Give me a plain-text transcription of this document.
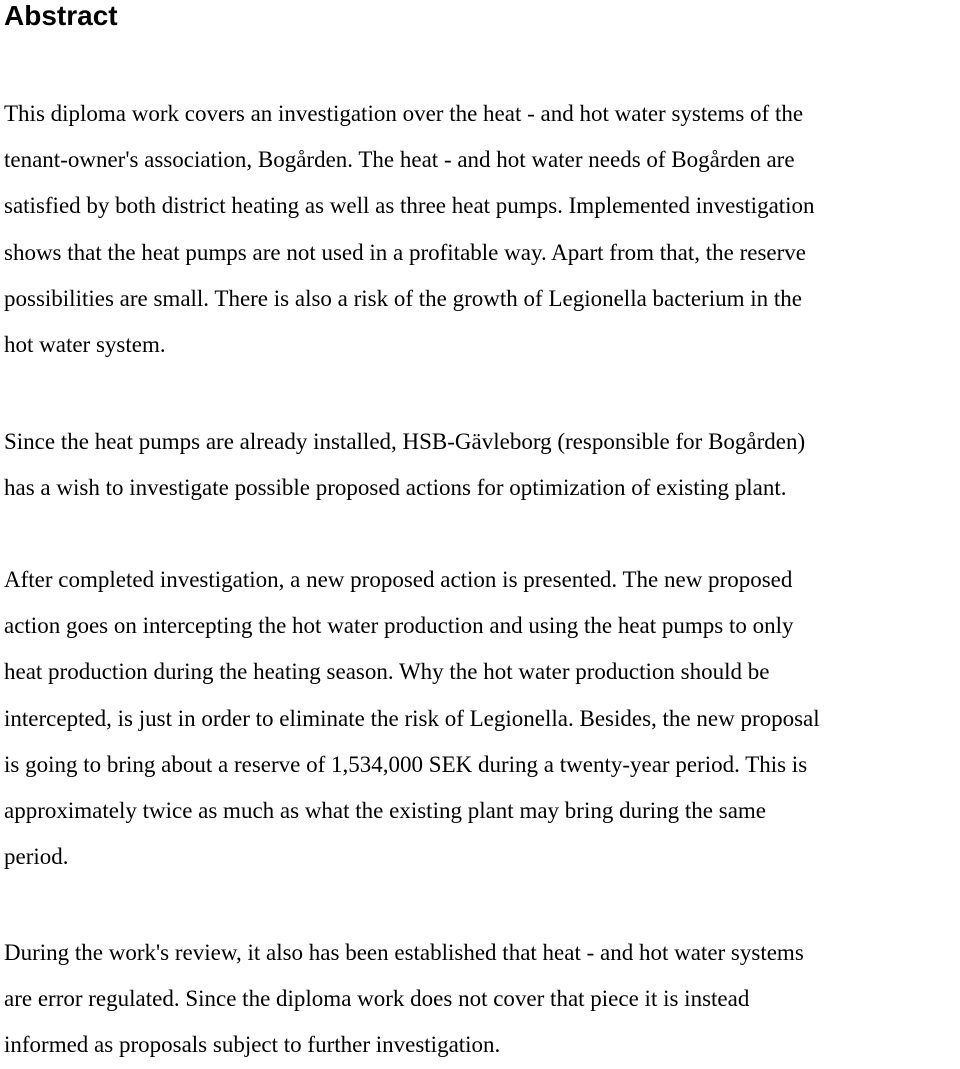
Abstract

This diploma work covers an investigation over the heat - and hot water systems of the
tenant-owner's association, Bogården. The heat - and hot water needs of Bogården are
satisfied by both district heating as well as three heat pumps. Implemented investigation
shows that the heat pumps are not used in a profitable way. Apart from that, the reserve
possibilities are small. There is also a risk of the growth of Legionella bacterium in the
hot water system.

Since the heat pumps are already installed, HSB-Gävleborg (responsible for Bogården)
has a wish to investigate possible proposed actions for optimization of existing plant.

After completed investigation, a new proposed action is presented. The new proposed
action goes on intercepting the hot water production and using the heat pumps to only
heat production during the heating season. Why the hot water production should be
intercepted, is just in order to eliminate the risk of Legionella. Besides, the new proposal
is going to bring about a reserve of 1,534,000 SEK during a twenty-year period. This is
approximately twice as much as what the existing plant may bring during the same
period.

During the work's review, it also has been established that heat - and hot water systems
are error regulated. Since the diploma work does not cover that piece it is instead
informed as proposals subject to further investigation.
